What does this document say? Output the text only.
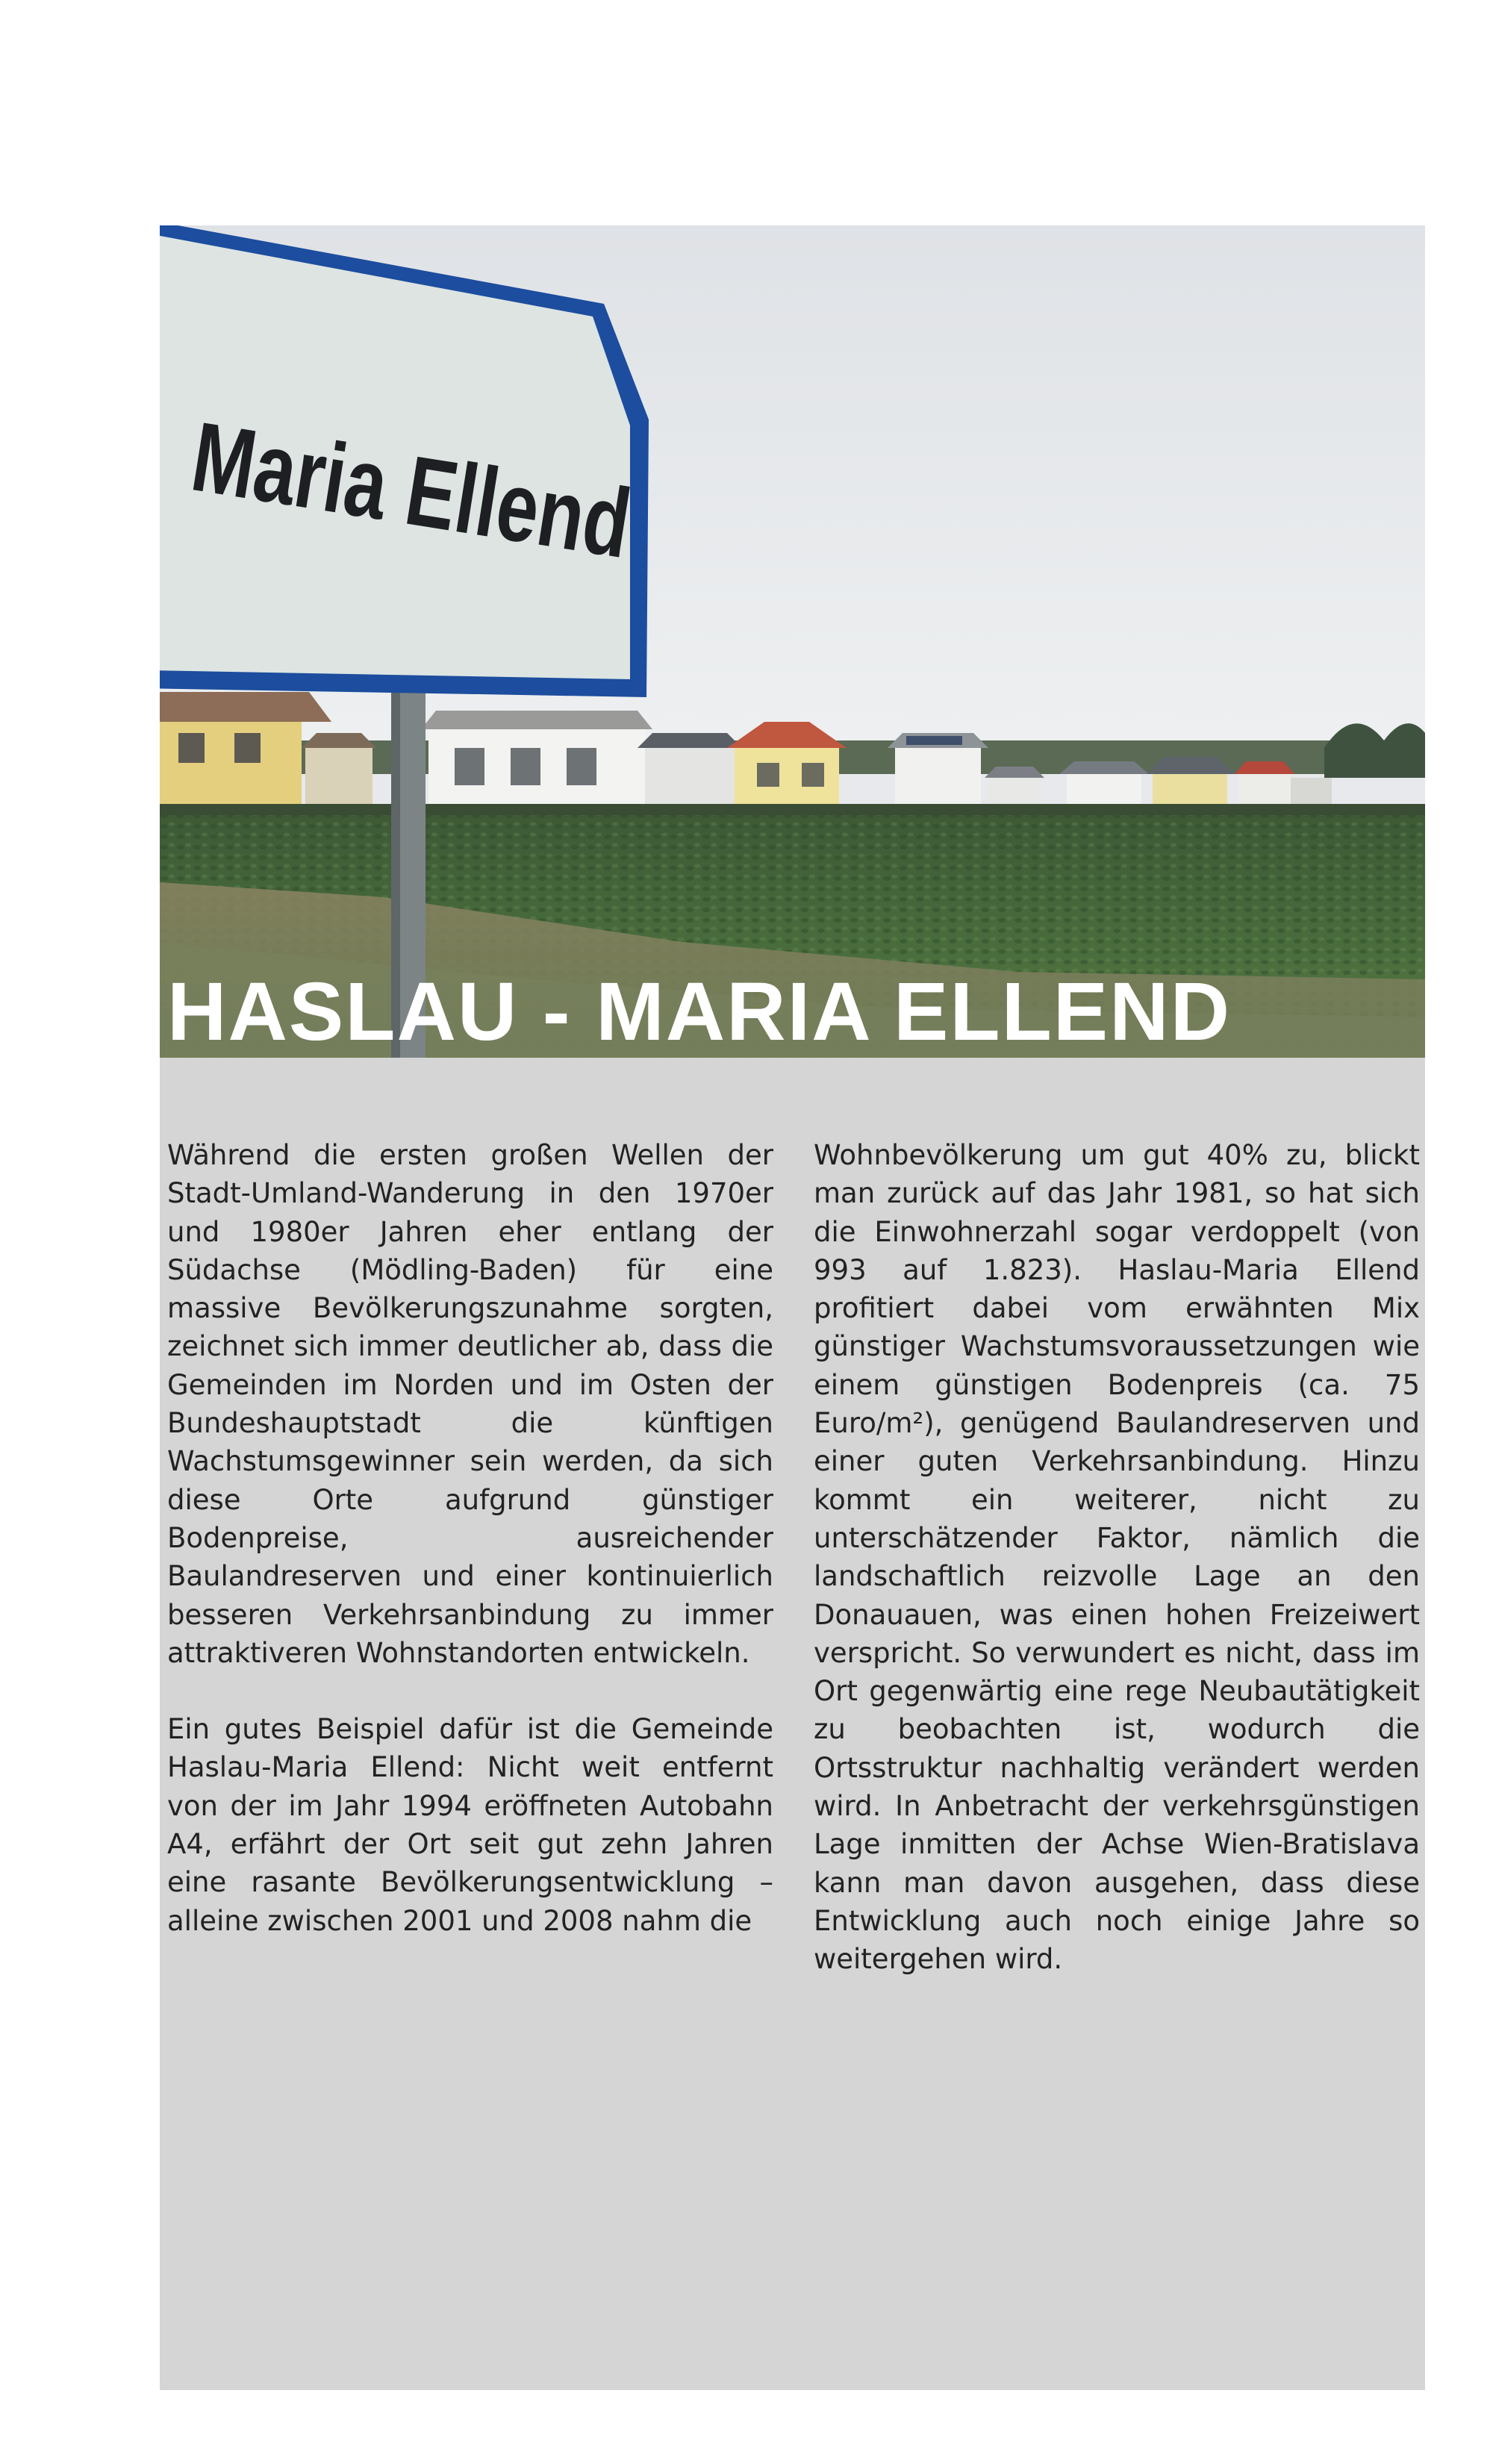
Maria Ellend
HASLAU - MARIA ELLEND

Während die ersten großen Wellen der Stadt-Umland-Wanderung in den 1970er und 1980er Jahren eher entlang der Südachse (Mödling-Baden) für eine massive Bevölkerungszunahme sorgten, zeichnet sich immer deutlicher ab, dass die Gemeinden im Norden und im Osten der Bundeshauptstadt die künftigen Wachstumsgewinner sein werden, da sich diese Orte aufgrund günstiger Bodenpreise, ausreichender Baulandreserven und einer kontinuierlich besseren Verkehrsanbindung zu immer attraktiveren Wohnstandorten entwickeln.

Ein gutes Beispiel dafür ist die Gemeinde Haslau-Maria Ellend: Nicht weit entfernt von der im Jahr 1994 eröffneten Autobahn A4, erfährt der Ort seit gut zehn Jahren eine rasante Bevölkerungsentwicklung – alleine zwischen 2001 und 2008 nahm die

Wohnbevölkerung um gut 40% zu, blickt man zurück auf das Jahr 1981, so hat sich die Einwohnerzahl sogar verdoppelt (von 993 auf 1.823). Haslau-Maria Ellend profitiert dabei vom erwähnten Mix günstiger Wachstumsvoraussetzungen wie einem günstigen Bodenpreis (ca. 75 Euro/m²), genügend Baulandreserven und einer guten Verkehrsanbindung. Hinzu kommt ein weiterer, nicht zu unterschätzender Faktor, nämlich die landschaftlich reizvolle Lage an den Donauauen, was einen hohen Freizeiwert verspricht. So verwundert es nicht, dass im Ort gegenwärtig eine rege Neubautätigkeit zu beobachten ist, wodurch die Ortsstruktur nachhaltig verändert werden wird. In Anbetracht der verkehrsgünstigen Lage inmitten der Achse Wien-Bratislava kann man davon ausgehen, dass diese Entwicklung auch noch einige Jahre so weitergehen wird.
